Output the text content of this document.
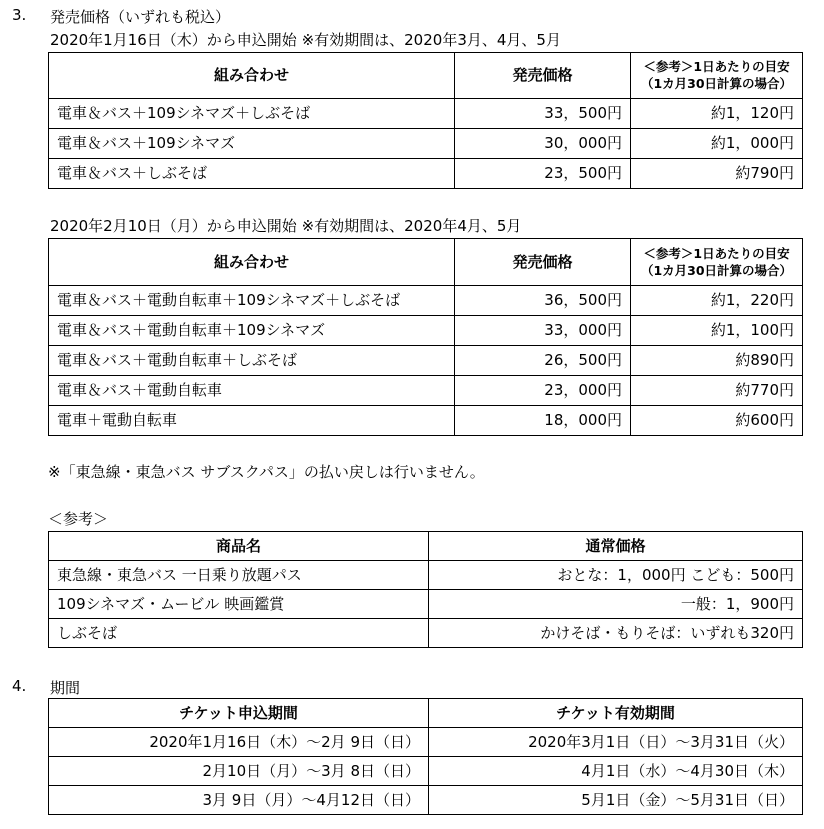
3. 発売価格（いずれも税込）
2020年1月16日（木）から申込開始 ※有効期間は、2020年3月、4月、5月
組み合わせ	発売価格	＜参考＞1日あたりの目安
（1カ月30日計算の場合）

電車＆バス＋109シネマズ＋しぶそば	33，500円	約1，120円
電車＆バス＋109シネマズ	30，000円	約1，000円
電車＆バス＋しぶそば	23，500円	約790円
2020年2月10日（月）から申込開始 ※有効期間は、2020年4月、5月
組み合わせ	発売価格	＜参考＞1日あたりの目安
（1カ月30日計算の場合）

電車＆バス＋電動自転車＋109シネマズ＋しぶそば	36，500円	約1，220円
電車＆バス＋電動自転車＋109シネマズ	33，000円	約1，100円
電車＆バス＋電動自転車＋しぶそば	26，500円	約890円
電車＆バス＋電動自転車	23，000円	約770円
電車＋電動自転車	18，000円	約600円
※「東急線・東急バス サブスクパス」の払い戻しは行いません。
＜参考＞
商品名	通常価格
東急線・東急バス 一日乗り放題パス	おとな：1，000円 こども：500円
109シネマズ・ムービル 映画鑑賞	一般：1，900円
しぶそば	かけそば・もりそば：いずれも320円
4. 期間
チケット申込期間	チケット有効期間
2020年1月16日（木）～2月 9日（日）	2020年3月1日（日）～3月31日（火）
2月10日（月）～3月 8日（日）	4月1日（水）～4月30日（木）
3月 9日（月）～4月12日（日）	5月1日（金）～5月31日（日）
